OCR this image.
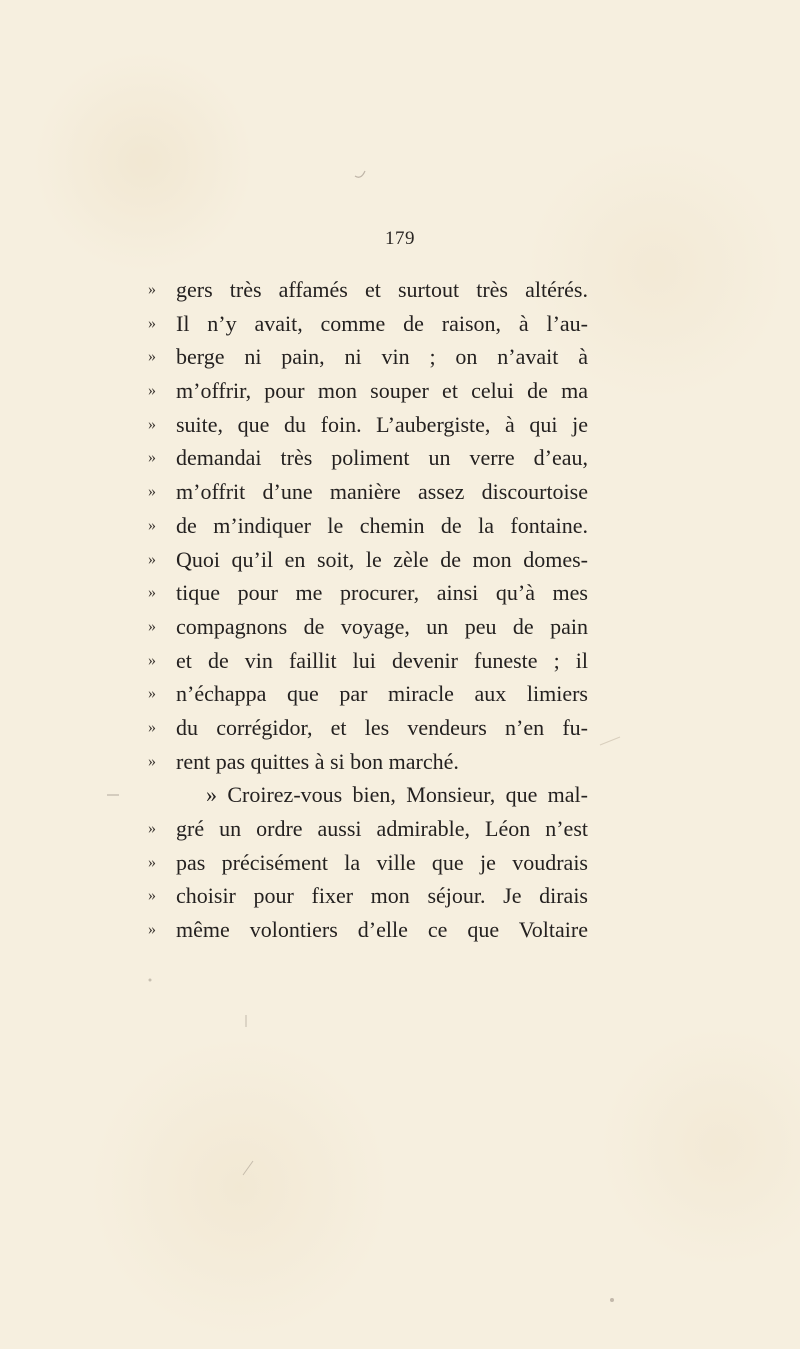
179
» gers très affamés et surtout très altérés.
» Il n’y avait, comme de raison, à l’au-
» berge ni pain, ni vin ; on n’avait à
» m’offrir, pour mon souper et celui de ma
» suite, que du foin. L’aubergiste, à qui je
» demandai très poliment un verre d’eau,
» m’offrit d’une manière assez discourtoise
» de m’indiquer le chemin de la fontaine.
» Quoi qu’il en soit, le zèle de mon domes-
» tique pour me procurer, ainsi qu’à mes
» compagnons de voyage, un peu de pain
» et de vin faillit lui devenir funeste ; il
» n’échappa que par miracle aux limiers
» du corrégidor, et les vendeurs n’en fu-
» rent pas quittes à si bon marché.
» Croirez-vous bien, Monsieur, que mal-
» gré un ordre aussi admirable, Léon n’est
» pas précisément la ville que je voudrais
» choisir pour fixer mon séjour. Je dirais
» même volontiers d’elle ce que Voltaire
